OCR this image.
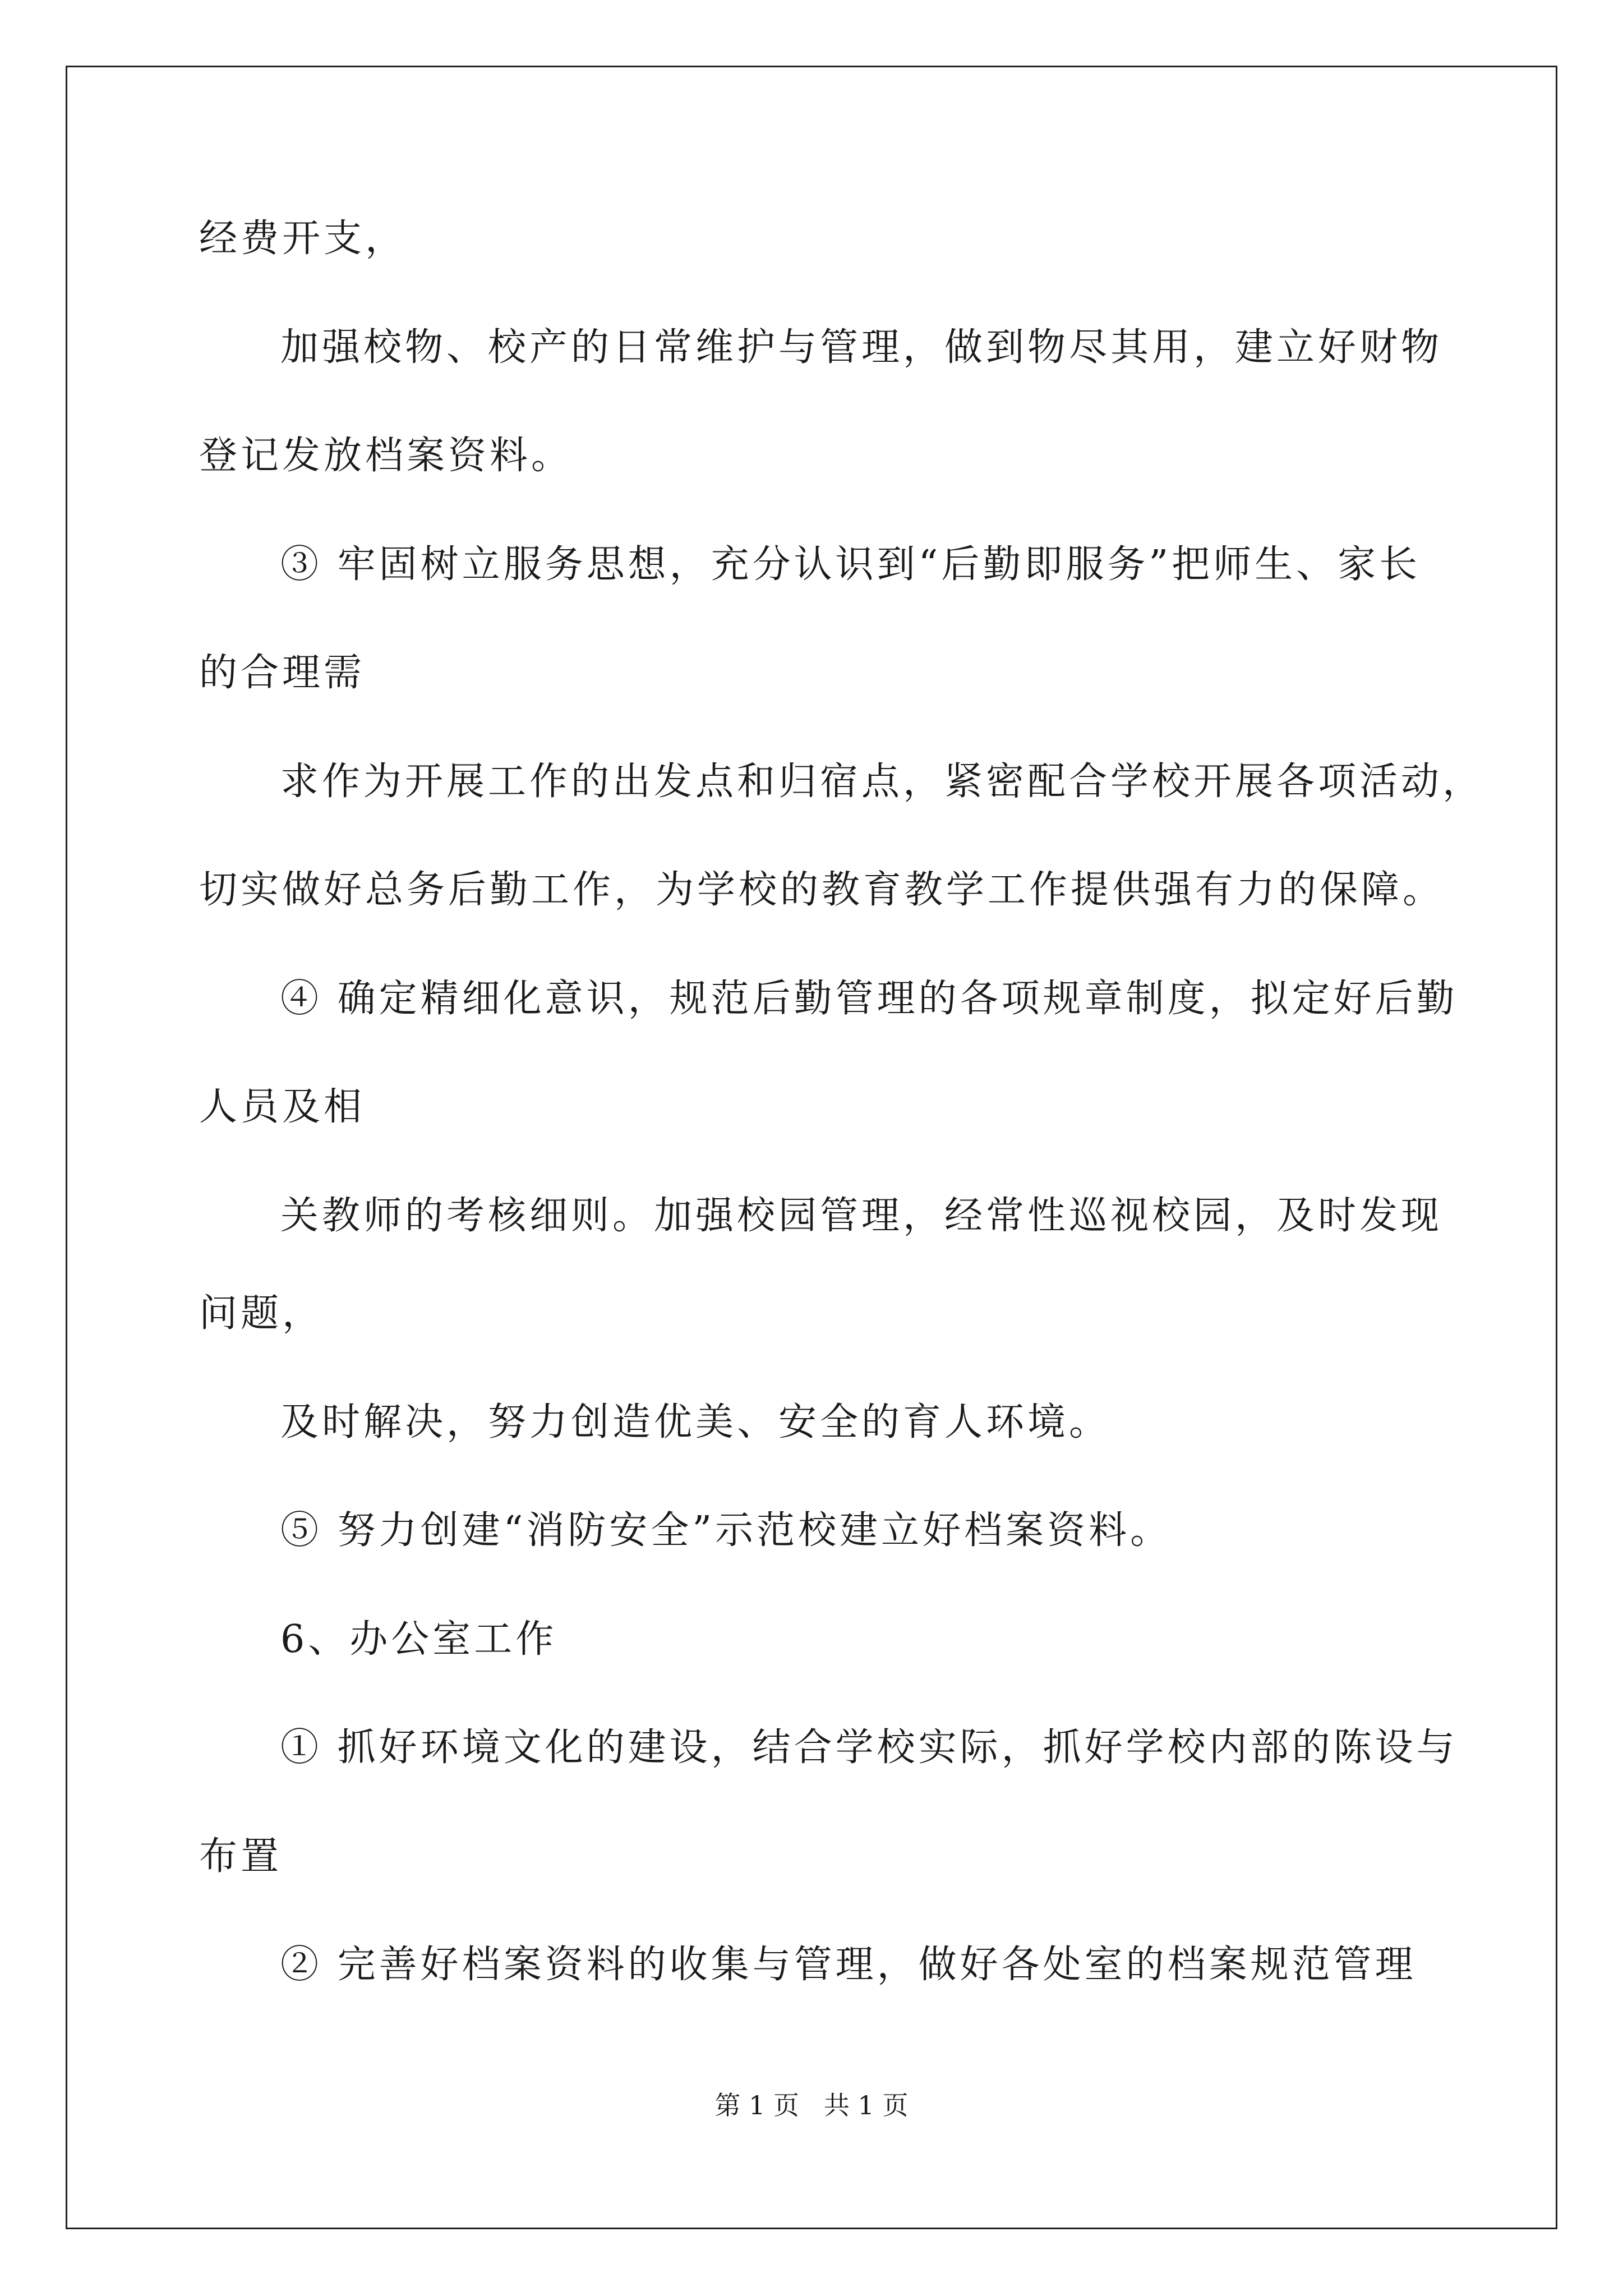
经费开支，
加强校物、校产的日常维护与管理，做到物尽其用，建立好财物
登记发放档案资料。
③ 牢固树立服务思想，充分认识到“后勤即服务”把师生、家长
的合理需
求作为开展工作的出发点和归宿点，紧密配合学校开展各项活动，
切实做好总务后勤工作，为学校的教育教学工作提供强有力的保障。
④ 确定精细化意识，规范后勤管理的各项规章制度，拟定好后勤
人员及相
关教师的考核细则。加强校园管理，经常性巡视校园，及时发现
问题，
及时解决，努力创造优美、安全的育人环境。
⑤ 努力创建“消防安全”示范校建立好档案资料。
6、办公室工作
① 抓好环境文化的建设，结合学校实际，抓好学校内部的陈设与
布置
② 完善好档案资料的收集与管理，做好各处室的档案规范管理
第 1 页 共 1 页
